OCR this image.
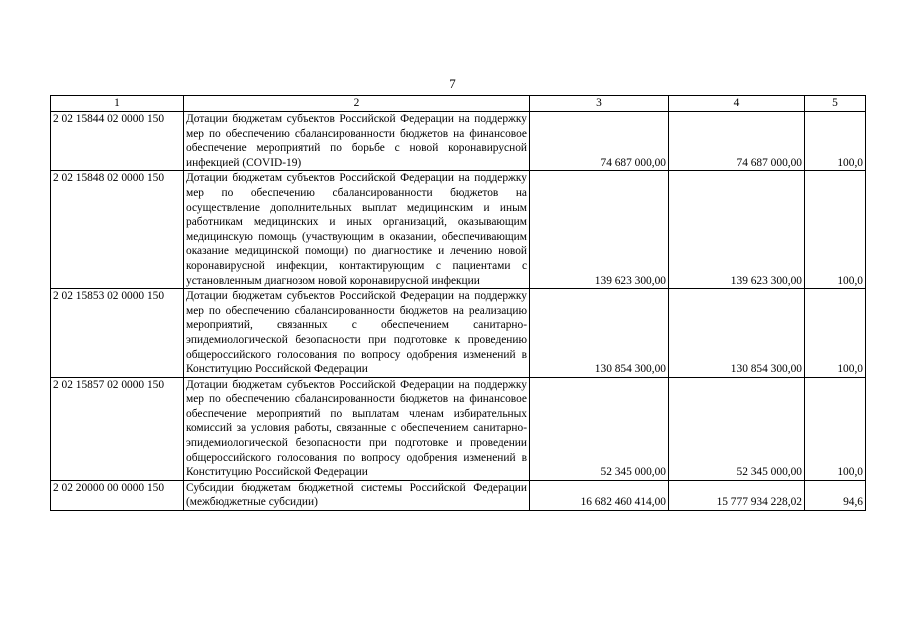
7
1	2	3	4	5
2 02 15844 02 0000 150	Дотации бюджетам субъектов Российской Федерации на поддержку мер по обеспечению сбалансированности бюджетов на финансовое обеспечение мероприятий по борьбе с новой коронавирусной инфекцией (COVID-19)	74 687 000,00	74 687 000,00	100,0
2 02 15848 02 0000 150	Дотации бюджетам субъектов Российской Федерации на поддержку мер по обеспечению сбалансированности бюджетов на осуществление дополнительных выплат медицинским и иным работникам медицинских и иных организаций, оказывающим медицинскую помощь (участвующим в оказании, обеспечивающим оказание медицинской помощи) по диагностике и лечению новой коронавирусной инфекции, контактирующим с пациентами с установленным диагнозом новой коронавирусной инфекции	139 623 300,00	139 623 300,00	100,0
2 02 15853 02 0000 150	Дотации бюджетам субъектов Российской Федерации на поддержку мер по обеспечению сбалансированности бюджетов на реализацию мероприятий, связанных с обеспечением санитарно-эпидемиологической безопасности при подготовке к проведению общероссийского голосования по вопросу одобрения изменений в Конституцию Российской Федерации	130 854 300,00	130 854 300,00	100,0
2 02 15857 02 0000 150	Дотации бюджетам субъектов Российской Федерации на поддержку мер по обеспечению сбалансированности бюджетов на финансовое обеспечение мероприятий по выплатам членам избирательных комиссий за условия работы, связанные с обеспечением санитарно-эпидемиологической безопасности при подготовке и проведении общероссийского голосования по вопросу одобрения изменений в Конституцию Российской Федерации	52 345 000,00	52 345 000,00	100,0
2 02 20000 00 0000 150	Субсидии бюджетам бюджетной системы Российской Федерации (межбюджетные субсидии)	16 682 460 414,00	15 777 934 228,02	94,6
